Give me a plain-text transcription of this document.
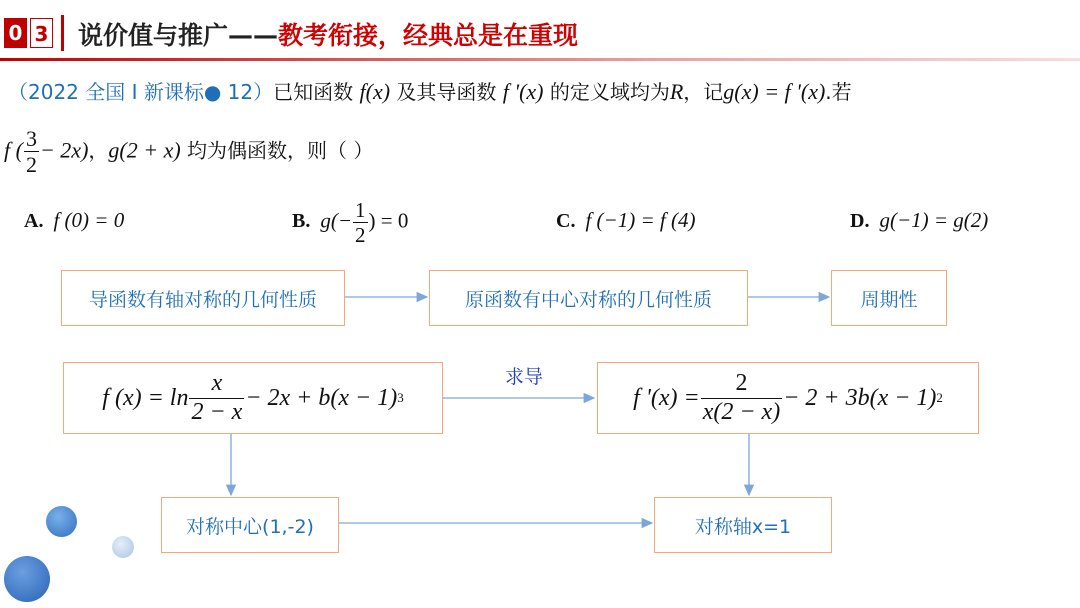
0 3 说价值与推广——教考衔接，经典总是在重现
（2022 全国 I 新课标● 12）已知函数 f(x) 及其导函数 f '(x) 的定义域均为R，记g(x) = f '(x).若
f ( $\frac{3}{2} - 2x$)，g(2 + x) 均为偶函数，则（ ）
A. f (0) = 0	B. $g(- \frac{1}{2}$ ) = 0	C. f (−1) = f (4)	D. g(−1) = g(2)
导函数有轴对称的几何性质	原函数有中心对称的几何性质	周期性
f $(x) = \ln \frac{x}{2 - x} - 2x + b(x - 1)$ 3
求导
f '$(x) = \frac{2}{x(2 - x)} - 2 + 3b(x - 1)$ 2
对称中心(1,-2)	对称轴x=1
